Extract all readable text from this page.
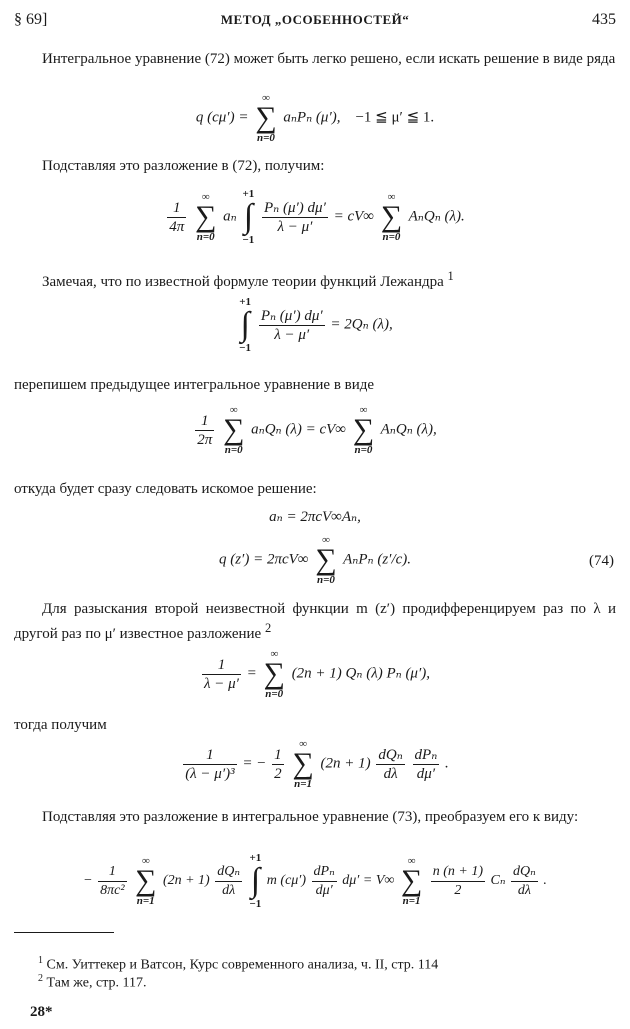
§ 69]	МЕТОД „ОСОБЕННОСТЕЙ“	435
Интегральное уравнение (72) может быть легко решено, если искать решение в виде ряда
q (cμ′) =
∞
∑
n=0
aₙPₙ (μ′), −1 ≦ μ′ ≦ 1.
Подставляя это разложение в (72), получим:
$\frac{1}{4\pi}$

∞
∑
n=0
aₙ
+1
∫
−1

$\frac{\text{Pₙ (μ′) dμ′}}{\lambda - \mu'} = cV\infty$
∞
∑
n=0
AₙQₙ (λ).
Замечая, что по известной формуле теории функций Лежандра $^1$
+1
∫
−1

$\frac{\text{Pₙ (μ′) dμ′}}{\lambda - \mu'} = 2Q_n$ (λ),
перепишем предыдущее интегральное уравнение в виде
$\frac{1}{2\pi}$

∞
∑
n=0
aₙQₙ (λ) = cV∞
∞
∑
n=0
AₙQₙ (λ),
откуда будет сразу следовать искомое решение:
aₙ = 2πcV∞Aₙ,
q (z′) = 2πcV∞
∞
∑
n=0
AₙPₙ (z′/c).	(74)
Для разыскания второй неизвестной функции m (z′) продифференцируем раз по λ и другой раз по μ′ известное разложение $^2$
$\frac{1}{\lambda - \mu'}$ =
∞
∑
n=0
(2n + 1) Qₙ (λ) Pₙ (μ′),
тогда получим
$\frac{1}{\text{(λ − μ′)³}}$ = − $\frac{1}{2}$

∞
∑
n=1
$(2n + 1) \frac{\text{dQₙ}}{d\lambda}$
$\frac{\text{dPₙ}}{d\mu'}$ .
Подставляя это разложение в интегральное уравнение (73), преобразуем его к виду:
− $\frac{1}{\text{8πc²}}$

∞
∑
n=1
$(2n + 1) \frac{\text{dQₙ}}{d\lambda}$

+1
∫
−1
m $(c\mu') \frac{\text{dPₙ}}{d\mu'} d\mu' = V\infty$
∞
∑
n=1

$\frac{n (n + 1)}{2}$ Cₙ $\frac{\text{dQₙ}}{d\lambda}$ .
$^1$ См. Уиттекер и Ватсон, Курс современного анализа, ч. II, стр. 114
$^2$ Там же, стр. 117.
28*
